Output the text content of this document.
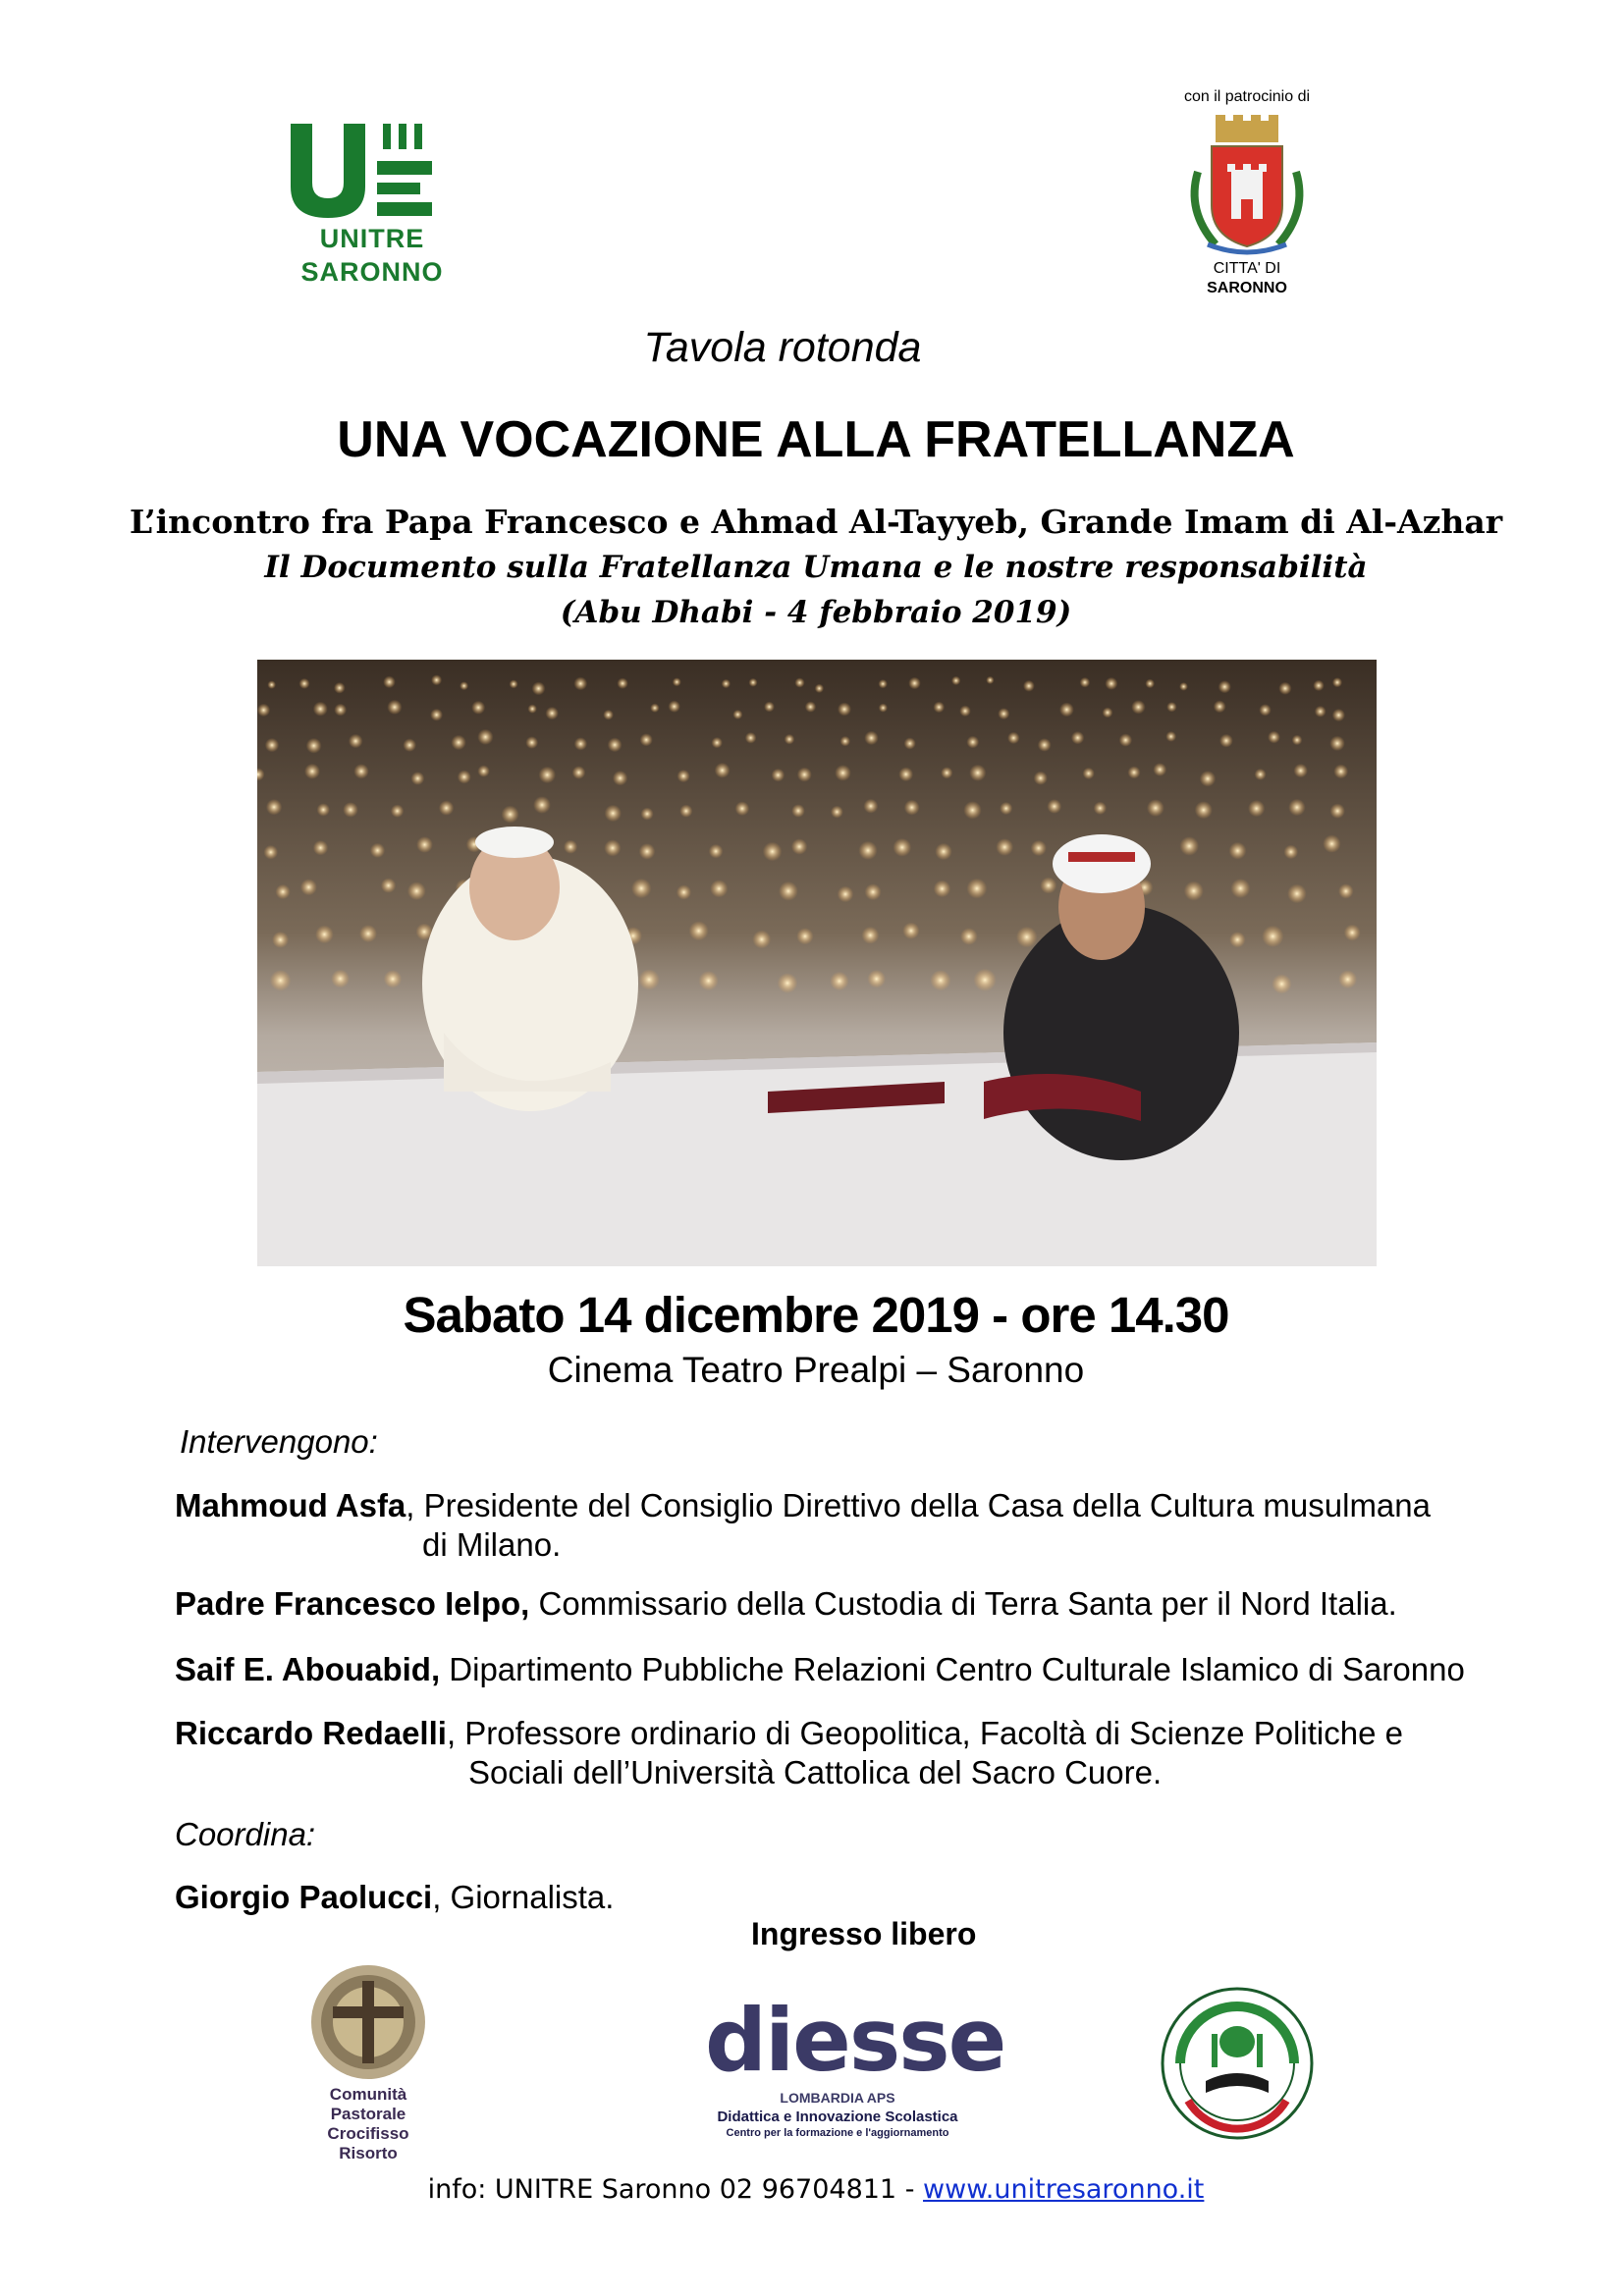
UNITRE
SARONNO
con il patrocinio di
CITTA' DI
SARONNO
Tavola rotonda
UNA VOCAZIONE ALLA FRATELLANZA
L’incontro fra Papa Francesco e Ahmad Al-Tayyeb, Grande Imam di Al-Azhar
Il Documento sulla Fratellanza Umana e le nostre responsabilità
(Abu Dhabi - 4 febbraio 2019)
Sabato 14 dicembre 2019 - ore 14.30
Cinema Teatro Prealpi – Saronno
Intervengono:
Mahmoud Asfa, Presidente del Consiglio Direttivo della Casa della Cultura musulmana
di Milano.
Padre Francesco Ielpo, Commissario della Custodia di Terra Santa per il Nord Italia.
Saif E. Abouabid, Dipartimento Pubbliche Relazioni Centro Culturale Islamico di Saronno
Riccardo Redaelli, Professore ordinario di Geopolitica, Facoltà di Scienze Politiche e
Sociali dell’Università Cattolica del Sacro Cuore.
Coordina:
Giorgio Paolucci, Giornalista.
Ingresso libero
Comunità
Pastorale
Crocifisso
Risorto
diesse
LOMBARDIA APS
Didattica e Innovazione Scolastica
Centro per la formazione e l'aggiornamento
info: UNITRE Saronno 02 96704811 - www.unitresaronno.it
